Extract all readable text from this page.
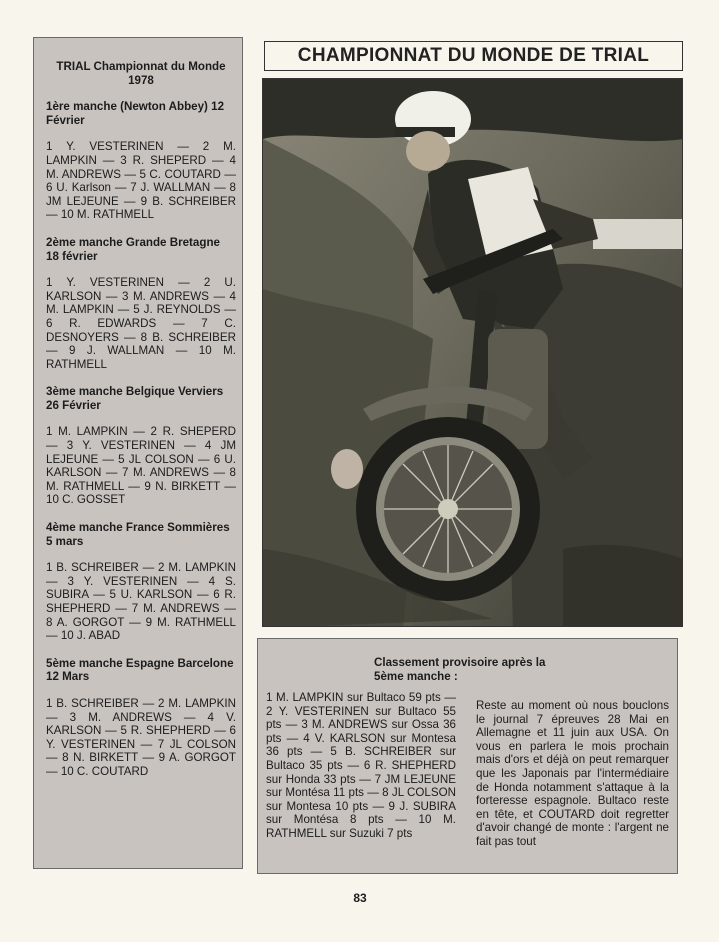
TRIAL Championnat du Monde 1978
1ère manche (Newton Abbey) 12 Février
1 Y. VESTERINEN — 2 M. LAMPKIN — 3 R. SHEPERD — 4 M. ANDREWS — 5 C. COUTARD — 6 U. Karlson — 7 J. WALLMAN — 8 JM LEJEUNE — 9 B. SCHREIBER — 10 M. RATHMELL
2ème manche Grande Bretagne 18 février
1 Y. VESTERINEN — 2 U. KARLSON — 3 M. ANDREWS — 4 M. LAMPKIN — 5 J. REYNOLDS — 6 R. EDWARDS — 7 C. DESNOYERS — 8 B. SCHREIBER — 9 J. WALLMAN — 10 M. RATHMELL
3ème manche Belgique Verviers 26 Février
1 M. LAMPKIN — 2 R. SHEPERD — 3 Y. VESTERINEN — 4 JM LEJEUNE — 5 JL COLSON — 6 U. KARLSON — 7 M. ANDREWS — 8 M. RATHMELL — 9 N. BIRKETT — 10 C. GOSSET
4ème manche France Sommières 5 mars
1 B. SCHREIBER — 2 M. LAMPKIN — 3 Y. VESTERINEN — 4 S. SUBIRA — 5 U. KARLSON — 6 R. SHEPHERD — 7 M. ANDREWS — 8 A. GORGOT — 9 M. RATHMELL — 10 J. ABAD
5ème manche Espagne Barcelone 12 Mars
1 B. SCHREIBER — 2 M. LAMPKIN — 3 M. ANDREWS — 4 V. KARLSON — 5 R. SHEPHERD — 6 Y. VESTERINEN — 7 JL COLSON — 8 N. BIRKETT — 9 A. GORGOT — 10 C. COUTARD
CHAMPIONNAT DU MONDE DE TRIAL
Classement provisoire après la 5ème manche :
1 M. LAMPKIN sur Bultaco 59 pts — 2 Y. VESTERINEN sur Bultaco 55 pts — 3 M. ANDREWS sur Ossa 36 pts — 4 V. KARLSON sur Montesa 36 pts — 5 B. SCHREIBER sur Bultaco 35 pts — 6 R. SHEPHERD sur Honda 33 pts — 7 JM LEJEUNE sur Montésa 11 pts — 8 JL COLSON sur Montesa 10 pts — 9 J. SUBIRA sur Montésa 8 pts — 10 M. RATHMELL sur Suzuki 7 pts
Reste au moment où nous bouclons le journal 7 épreuves 28 Mai en Allemagne et 11 juin aux USA. On vous en parlera le mois prochain mais d'ors et déjà on peut remarquer que les Japonais par l'intermédiaire de Honda notamment s'attaque à la forteresse espagnole. Bultaco reste en tête, et COUTARD doit regretter d'avoir changé de monte : l'argent ne fait pas tout
83
